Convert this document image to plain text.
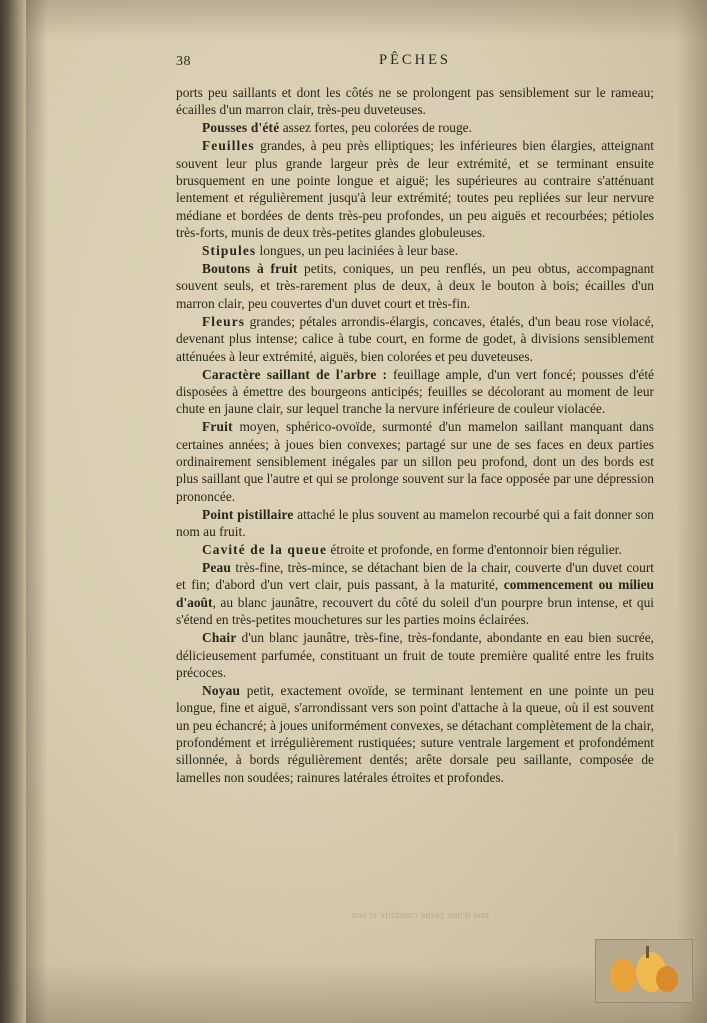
38	PÊCHES

ports peu saillants et dont les côtés ne se prolongent pas sensiblement sur le rameau; écailles d'un marron clair, très-peu duveteuses.

Pousses d'été assez fortes, peu colorées de rouge.

Feuilles grandes, à peu près elliptiques; les inférieures bien élargies, atteignant souvent leur plus grande largeur près de leur extrémité, et se terminant ensuite brusquement en une pointe longue et aiguë; les supérieures au contraire s'atténuant lentement et régulièrement jusqu'à leur extrémité; toutes peu repliées sur leur nervure médiane et bordées de dents très-peu profondes, un peu aiguës et recourbées; pétioles très-forts, munis de deux très-petites glandes globuleuses.

Stipules longues, un peu laciniées à leur base.

Boutons à fruit petits, coniques, un peu renflés, un peu obtus, accompagnant souvent seuls, et très-rarement plus de deux, à deux le bouton à bois; écailles d'un marron clair, peu couvertes d'un duvet court et très-fin.

Fleurs grandes; pétales arrondis-élargis, concaves, étalés, d'un beau rose violacé, devenant plus intense; calice à tube court, en forme de godet, à divisions sensiblement atténuées à leur extrémité, aiguës, bien colorées et peu duveteuses.

Caractère saillant de l'arbre : feuillage ample, d'un vert foncé; pousses d'été disposées à émettre des bourgeons anticipés; feuilles se décolorant au moment de leur chute en jaune clair, sur lequel tranche la nervure inférieure de couleur violacée.

Fruit moyen, sphérico-ovoïde, surmonté d'un mamelon saillant manquant dans certaines années; à joues bien convexes; partagé sur une de ses faces en deux parties ordinairement sensiblement inégales par un sillon peu profond, dont un des bords est plus saillant que l'autre et qui se prolonge souvent sur la face opposée par une dépression prononcée.

Point pistillaire attaché le plus souvent au mamelon recourbé qui a fait donner son nom au fruit.

Cavité de la queue étroite et profonde, en forme d'entonnoir bien régulier.

Peau très-fine, très-mince, se détachant bien de la chair, couverte d'un duvet court et fin; d'abord d'un vert clair, puis passant, à la maturité, commencement ou milieu d'août, au blanc jaunâtre, recouvert du côté du soleil d'un pourpre brun intense, et qui s'étend en très-petites mouchetures sur les parties moins éclairées.

Chair d'un blanc jaunâtre, très-fine, très-fondante, abondante en eau bien sucrée, délicieusement parfumée, constituant un fruit de toute première qualité entre les fruits précoces.

Noyau petit, exactement ovoïde, se terminant lentement en une pointe un peu longue, fine et aiguë, s'arrondissant vers son point d'attache à la queue, où il est souvent un peu échancré; à joues uniformément convexes, se détachant complètement de la chair, profondément et irrégulièrement rustiquées; suture ventrale largement et profondément sillonnée, à bords régulièrement dentés; arête dorsale peu saillante, composée de lamelles non soudées; rainures latérales étroites et profondes.

une d'une peine conduite et son
